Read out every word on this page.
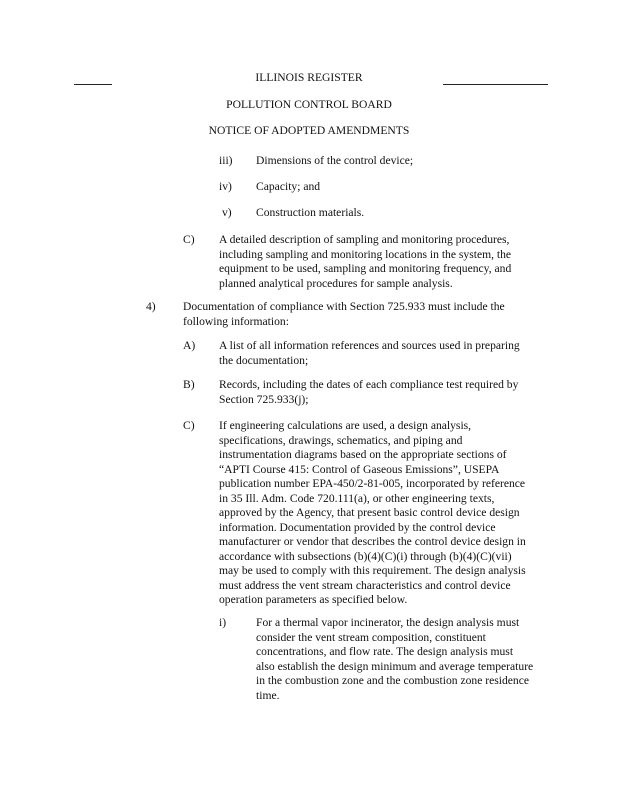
ILLINOIS REGISTER
POLLUTION CONTROL BOARD
NOTICE OF ADOPTED AMENDMENTS
iii) Dimensions of the control device;
iv) Capacity; and
v) Construction materials.
C) A detailed description of sampling and monitoring procedures,
including sampling and monitoring locations in the system, the
equipment to be used, sampling and monitoring frequency, and
planned analytical procedures for sample analysis.
4) Documentation of compliance with Section 725.933 must include the
following information:
A) A list of all information references and sources used in preparing
the documentation;
B) Records, including the dates of each compliance test required by
Section 725.933(j);
C) If engineering calculations are used, a design analysis,
specifications, drawings, schematics, and piping and
instrumentation diagrams based on the appropriate sections of
“APTI Course 415: Control of Gaseous Emissions”, USEPA
publication number EPA-450/2-81-005, incorporated by reference
in 35 Ill. Adm. Code 720.111(a), or other engineering texts,
approved by the Agency, that present basic control device design
information. Documentation provided by the control device
manufacturer or vendor that describes the control device design in
accordance with subsections (b)(4)(C)(i) through (b)(4)(C)(vii)
may be used to comply with this requirement. The design analysis
must address the vent stream characteristics and control device
operation parameters as specified below.
i)	For a thermal vapor incinerator, the design analysis must
consider the vent stream composition, constituent
concentrations, and flow rate. The design analysis must
also establish the design minimum and average temperature
in the combustion zone and the combustion zone residence
time.
